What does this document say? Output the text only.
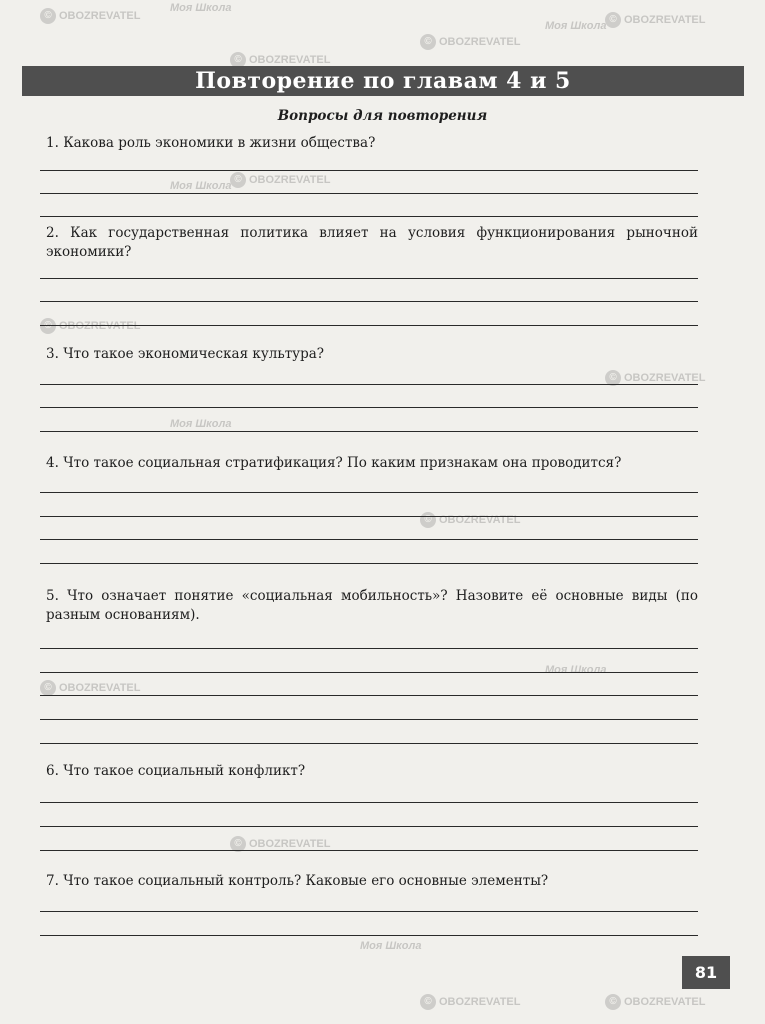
© OBOZREVATEL
Моя Школа
© OBOZREVATEL
© OBOZREVATEL
Моя Школа
© OBOZREVATEL
Моя Школа
© OBOZREVATEL
© OBOZREVATEL
© OBOZREVATEL
Моя Школа
© OBOZREVATEL
© OBOZREVATEL
Моя Школа
© OBOZREVATEL
Моя Школа
© OBOZREVATEL	© OBOZREVATEL
Повторение по главам 4 и 5
Вопросы для повторения
1. Какова роль экономики в жизни общества?
2. Как государственная политика влияет на условия функционирования рыночной экономики?
3. Что такое экономическая культура?
4. Что такое социальная стратификация? По каким признакам она проводится?
5. Что означает понятие «социальная мобильность»? Назовите её основные виды (по разным основаниям).
6. Что такое социальный конфликт?
7. Что такое социальный контроль? Каковые его основные элементы?
81
